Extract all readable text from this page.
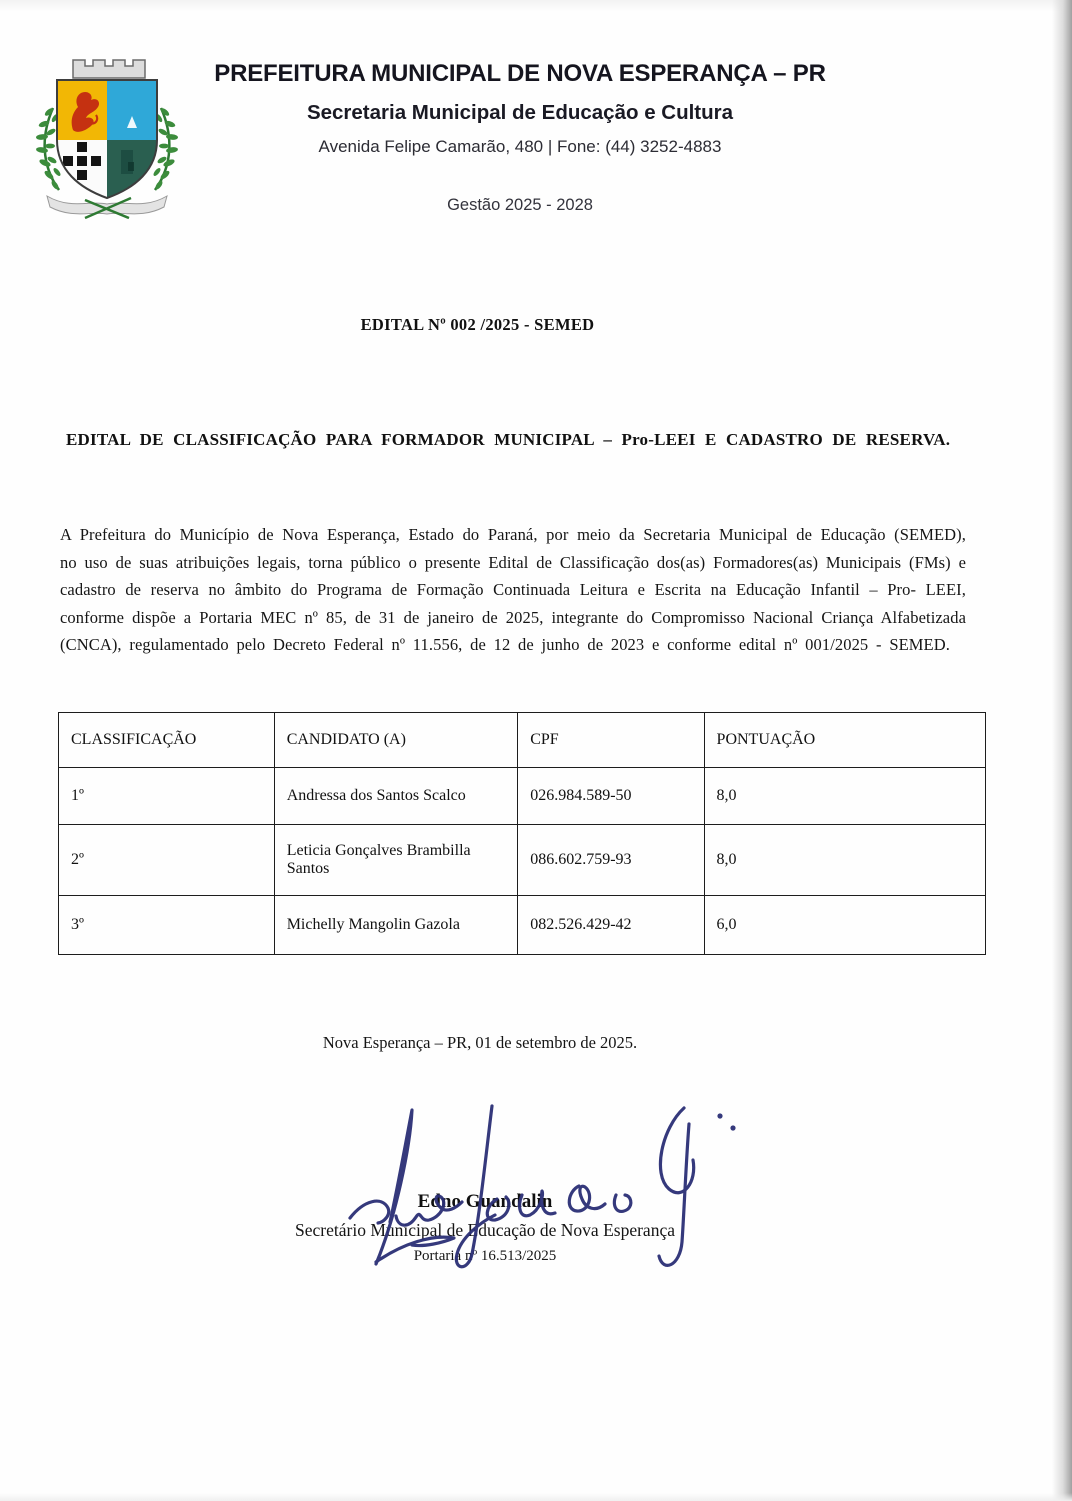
PREFEITURA MUNICIPAL DE NOVA ESPERANÇA – PR
Secretaria Municipal de Educação e Cultura
Avenida Felipe Camarão, 480 | Fone: (44) 3252-4883
Gestão 2025 - 2028
EDITAL Nº 002 /2025 - SEMED
EDITAL DE CLASSIFICAÇÃO PARA FORMADOR MUNICIPAL – Pro-LEEI E CADASTRO DE RESERVA.
A Prefeitura do Município de Nova Esperança, Estado do Paraná, por meio da Secretaria Municipal de Educação (SEMED), no uso de suas atribuições legais, torna público o presente Edital de Classificação dos(as) Formadores(as) Municipais (FMs) e cadastro de reserva no âmbito do Programa de Formação Continuada Leitura e Escrita na Educação Infantil – Pro- LEEI, conforme dispõe a Portaria MEC nº 85, de 31 de janeiro de 2025, integrante do Compromisso Nacional Criança Alfabetizada (CNCA), regulamentado pelo Decreto Federal nº 11.556, de 12 de junho de 2023 e conforme edital nº 001/2025 - SEMED.
CLASSIFICAÇÃO	CANDIDATO (A)	CPF	PONTUAÇÃO
1º	Andressa dos Santos Scalco	026.984.589-50	8,0
2º	Leticia Gonçalves Brambilla Santos	086.602.759-93	8,0
3º	Michelly Mangolin Gazola	082.526.429-42	6,0
Nova Esperança – PR, 01 de setembro de 2025.
Edno Guandalin
Secretário Municipal de Educação de Nova Esperança
Portaria nº 16.513/2025
